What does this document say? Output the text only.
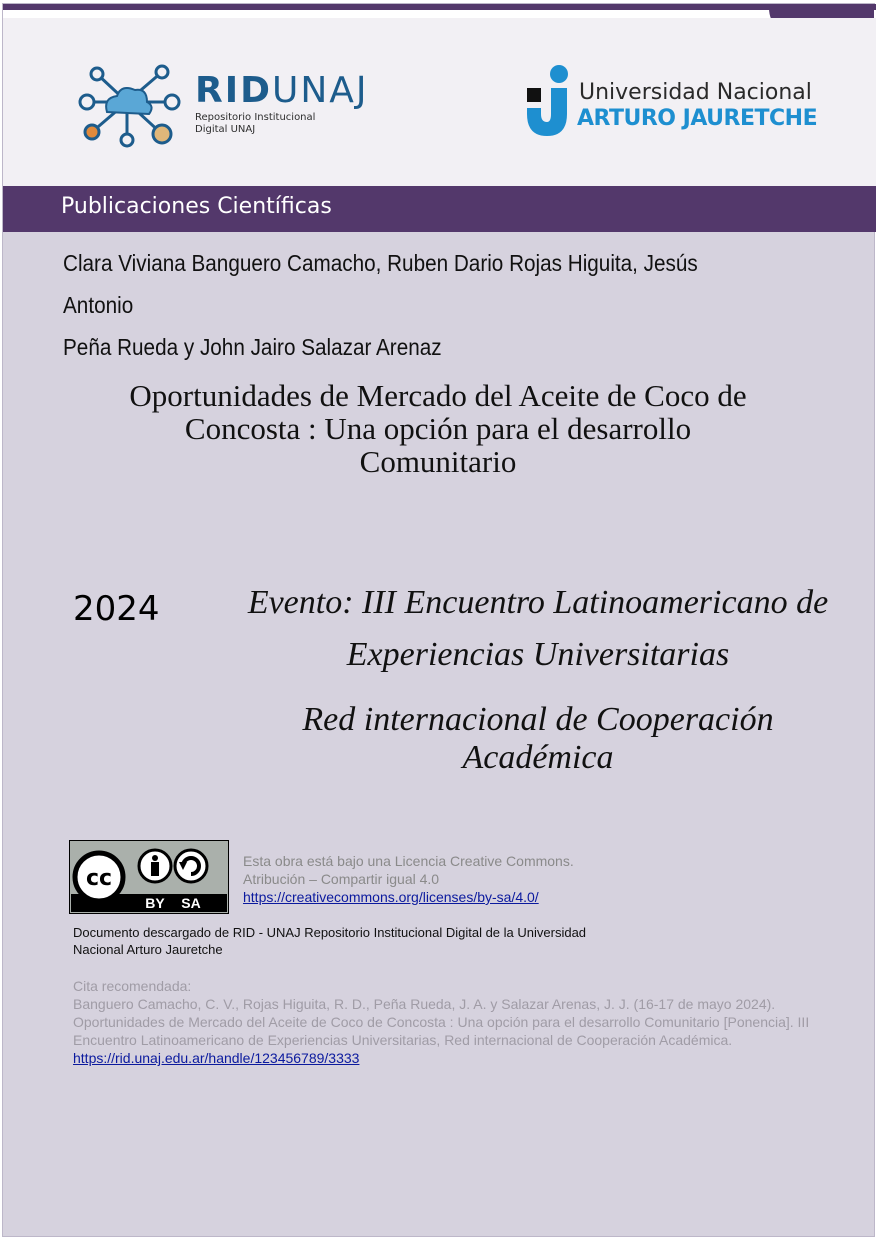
RIDUNAJ
Repositorio Institucional
Digital UNAJ
Universidad Nacional
ARTURO JAURETCHE
Publicaciones Científicas
Clara Viviana Banguero Camacho, Ruben Dario Rojas Higuita, Jesús Antonio
Peña Rueda y John Jairo Salazar Arenaz
Oportunidades de Mercado del Aceite de Coco de
Concosta : Una opción para el desarrollo
Comunitario
2024	Evento: III Encuentro Latinoamericano de
Experiencias Universitarias
Red internacional de Cooperación Académica
cc
BY SA
Esta obra está bajo una Licencia Creative Commons.
Atribución – Compartir igual 4.0
https://creativecommons.org/licenses/by-sa/4.0/
Documento descargado de RID - UNAJ Repositorio Institucional Digital de la Universidad
Nacional Arturo Jauretche
Cita recomendada:
Banguero Camacho, C. V., Rojas Higuita, R. D., Peña Rueda, J. A. y Salazar Arenas, J. J. (16-17 de mayo 2024). Oportunidades de Mercado del Aceite de Coco de Concosta : Una opción para el desarrollo Comunitario [Ponencia]. III Encuentro Latinoamericano de Experiencias Universitarias, Red internacional de Cooperación Académica. https://rid.unaj.edu.ar/handle/123456789/3333
